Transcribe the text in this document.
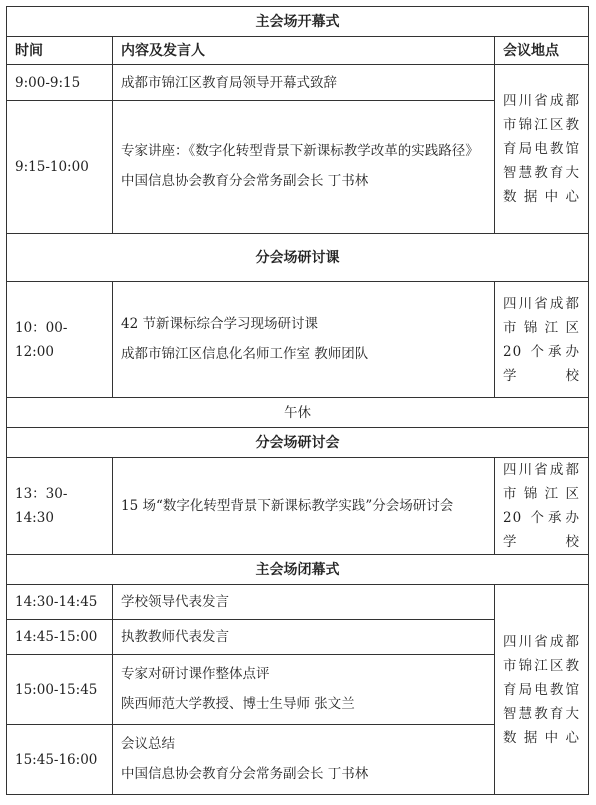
主会场开幕式		
时间	内容及发言人	会议地点
9:00-9:15	成都市锦江区教育局领导开幕式致辞	四川省成都市锦江区教育局电教馆智慧教育大数据中心
9:15-10:00	专家讲座：《数字化转型背景下新课标教学改革的实践路径》
中国信息协会教育分会常务副会长 丁书林	

分会场研讨课		
10：00-12:00	42 节新课标综合学习现场研讨课
成都市锦江区信息化名师工作室 教师团队	四川省成都市锦江区 20 个承办学校
午休		
分会场研讨会		
13：30-14:30	15 场“数字化转型背景下新课标教学实践”分会场研讨会	四川省成都市锦江区 20 个承办学校
主会场闭幕式		
14:30-14:45	学校领导代表发言	四川省成都市锦江区教育局电教馆智慧教育大数据中心
14:45-15:00	执教教师代表发言	
15:00-15:45	专家对研讨课作整体点评
陕西师范大学教授、博士生导师 张文兰	

15:45-16:00	会议总结
中国信息协会教育分会常务副会长 丁书林	
